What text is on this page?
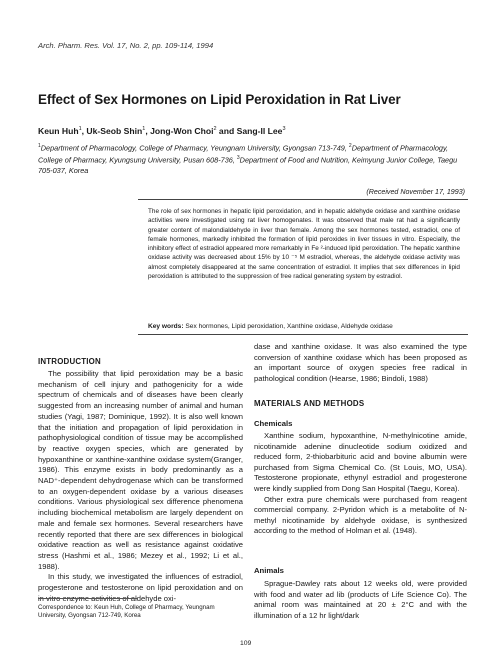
Arch. Pharm. Res. Vol. 17, No. 2, pp. 109-114, 1994
Effect of Sex Hormones on Lipid Peroxidation in Rat Liver
Keun Huh$^1$, Uk-Seob Shin$^1$, Jong-Won Choi$^2$ and Sang-Il Lee$^3$
$^1$Department of Pharmacology, College of Pharmacy, Yeungnam University, Gyongsan 713-749, $^2$Department of Pharmacology, College of Pharmacy, Kyungsung University, Pusan 608-736, $^3$Department of Food and Nutrition, Keimyung Junior College, Taegu 705-037, Korea
(Received November 17, 1993)

The role of sex hormones in hepatic lipid peroxidation, and in hepatic aldehyde oxidase and xanthine oxidase activities were investigated using rat liver homogenates. It was observed that male rat had a significantly greater content of malondialdehyde in liver than female. Among the sex hormones tested, estradiol, one of female hormones, markedly inhibited the formation of lipid peroxides in liver tissues in vitro. Especially, the inhibitory effect of estradiol appeared more remarkably in Fe ²-induced lipid peroxidation. The hepatic xanthine oxidase activity was decreased about 15% by 10 ⁻⁵ M estradiol, whereas, the aldehyde oxidase activity was almost completely disappeared at the same concentration of estradiol. It implies that sex differences in lipid peroxidation is attributed to the suppression of free radical generating system by estradiol.

Key words: Sex hormones, Lipid peroxidation, Xanthine oxidase, Aldehyde oxidase
INTRODUCTION

The possibility that lipid peroxidation may be a basic mechanism of cell injury and pathogenicity for a wide spectrum of chemicals and of diseases have been clearly suggested from an increasing number of animal and human studies (Yagi, 1987; Dominique, 1992). It is also well known that the initiation and propagation of lipid peroxidation in pathophysiological condition of tissue may be accomplished by reactive oxygen species, which are generated by hypoxanthine or xanthine-xanthine oxidase system(Granger, 1986). This enzyme exists in body predominantly as a NAD⁺-dependent dehydrogenase which can be transformed to an oxygen-dependent oxidase by a various diseases conditions. Various physiological sex difference phenomena including biochemical metabolism are largely dependent on male and female sex hormones. Several researchers have recently reported that there are sex differences in biological oxidative reaction as well as resistance against oxidative stress (Hashmi et al., 1986; Mezey et al., 1992; Li et al., 1988).

In this study, we investigated the influences of estradiol, progesterone and testosterone on lipid peroxidation and on in vitro enzyme activities of aldehyde oxi-

Correspondence to: Keun Huh, College of Pharmacy, Yeungnam University, Gyongsan 712-749, Korea

dase and xanthine oxidase. It was also examined the type conversion of xanthine oxidase which has been proposed as an important source of oxygen species free radical in pathological condition (Hearse, 1986; Bindoli, 1988)

MATERIALS AND METHODS
Chemicals

Xanthine sodium, hypoxanthine, N-methylnicotine amide, nicotinamide adenine dinucleotide sodium oxidized and reduced form, 2-thiobarbituric acid and bovine albumin were purchased from Sigma Chemical Co. (St Louis, MO, USA). Testosterone propionate, ethynyl estradiol and progesterone were kindly supplied from Dong San Hospital (Taegu, Korea).

Other extra pure chemicals were purchased from reagent commercial company. 2-Pyridon which is a metabolite of N-methyl nicotinamide by aldehyde oxidase, is synthesized according to the method of Holman et al. (1948).

Animals

Sprague-Dawley rats about 12 weeks old, were provided with food and water ad lib (products of Life Science Co). The animal room was maintained at 20 ± 2°C and with the illumination of a 12 hr light/dark

109
